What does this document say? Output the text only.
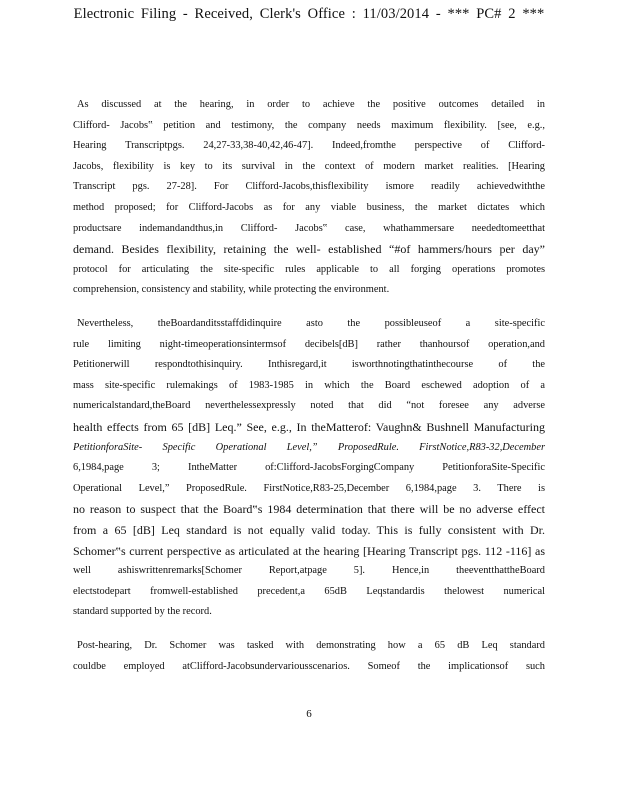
Electronic Filing - Received, Clerk's Office : 11/03/2014 - *** PC# 2 ***
As discussed at the hearing, in order to achieve the positive outcomes detailed in
Clifford- Jacobs‟ petition and testimony, the company needs maximum flexibility. [see, e.g.,
Hearing Transcriptpgs. 24,27-33,38-40,42,46-47]. Indeed,fromthe perspective of Clifford-
Jacobs, flexibility is key to its survival in the context of modern market realities. [Hearing
Transcript pgs. 27-28]. For Clifford-Jacobs,thisflexibility ismore readily achievedwiththe
method proposed; for Clifford-Jacobs as for any viable business, the market dictates which
productsare indemandandthus,in Clifford- Jacobs‟ case, whathammersare neededtomeetthat
demand. Besides flexibility, retaining the well- established “#of hammers/hours per day”
protocol for articulating the site-specific rules applicable to all forging operations promotes
comprehension, consistency and stability, while protecting the environment.
Nevertheless, theBoardanditsstaffdidinquire asto the possibleuseof a site-specific
rule limiting night-timeoperationsintermsof decibels[dB] rather thanhoursof operation,and
Petitionerwill respondtothisinquiry. Inthisregard,it isworthnotingthatinthecourse of the
mass site-specific rulemakings of 1983-1985 in which the Board eschewed adoption of a
numericalstandard,theBoard neverthelessexpressly noted that did “not foresee any adverse
health effects from 65 [dB] Leq.” See, e.g., In theMatterof: Vaughn& Bushnell Manufacturing
PetitionforaSite- Specific Operational Level,” ProposedRule. FirstNotice,R83-32,December
6,1984,page 3; IntheMatter of:Clifford-JacobsForgingCompany PetitionforaSite-Specific
Operational Level,” ProposedRule. FirstNotice,R83-25,December 6,1984,page 3. There is
no reason to suspect that the Board‟s 1984 determination that there will be no adverse effect
from a 65 [dB] Leq standard is not equally valid today. This is fully consistent with Dr.
Schomer‟s current perspective as articulated at the hearing [Hearing Transcript pgs. 112 -116] as
well ashiswrittenremarks[Schomer Report,atpage 5]. Hence,in theeventthattheBoard
electstodepart fromwell-established precedent,a 65dB Leqstandardis thelowest numerical
standard supported by the record.
Post-hearing, Dr. Schomer was tasked with demonstrating how a 65 dB Leq standard
couldbe employed atClifford-Jacobsundervariousscenarios. Someof the implicationsof such
6
